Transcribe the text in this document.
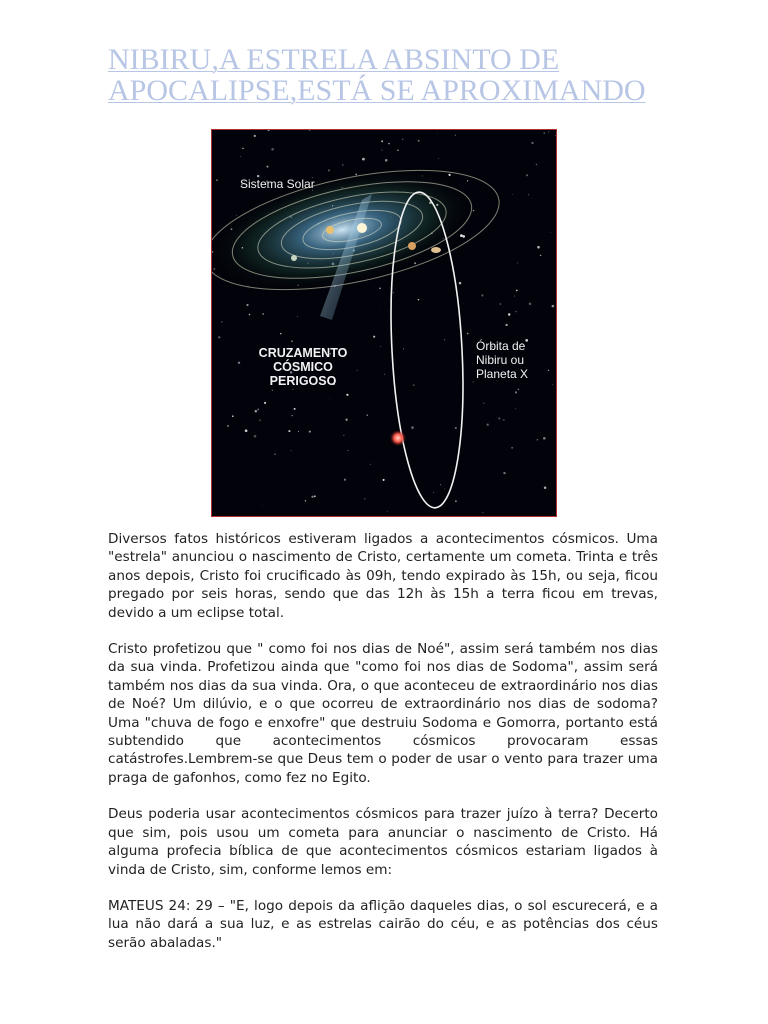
NIBIRU,A ESTRELA ABSINTO DE APOCALIPSE,ESTÁ SE APROXIMANDO
Sistema Solar
CRUZAMENTO
CÓSMICO
PERIGOSO
Órbita de
Nibiru ou
Planeta X

Diversos fatos históricos estiveram ligados a acontecimentos cósmicos. Uma "estrela" anunciou o nascimento de Cristo, certamente um cometa. Trinta e três anos depois, Cristo foi crucificado às 09h, tendo expirado às 15h, ou seja, ficou pregado por seis horas, sendo que das 12h às 15h a terra ficou em trevas, devido a um eclipse total.

Cristo profetizou que " como foi nos dias de Noé", assim será também nos dias da sua vinda. Profetizou ainda que "como foi nos dias de Sodoma", assim será também nos dias da sua vinda. Ora, o que aconteceu de extraordinário nos dias de Noé? Um dilúvio, e o que ocorreu de extraordinário nos dias de sodoma? Uma "chuva de fogo e enxofre" que destruiu Sodoma e Gomorra, portanto está subtendido que acontecimentos cósmicos provocaram essas catástrofes.Lembrem-se que Deus tem o poder de usar o vento para trazer uma praga de gafonhos, como fez no Egito.

Deus poderia usar acontecimentos cósmicos para trazer juízo à terra? Decerto que sim, pois usou um cometa para anunciar o nascimento de Cristo. Há alguma profecia bíblica de que acontecimentos cósmicos estariam ligados à vinda de Cristo, sim, conforme lemos em:

MATEUS 24: 29 – "E, logo depois da aflição daqueles dias, o sol escurecerá, e a lua não dará a sua luz, e as estrelas cairão do céu, e as potências dos céus serão abaladas."
